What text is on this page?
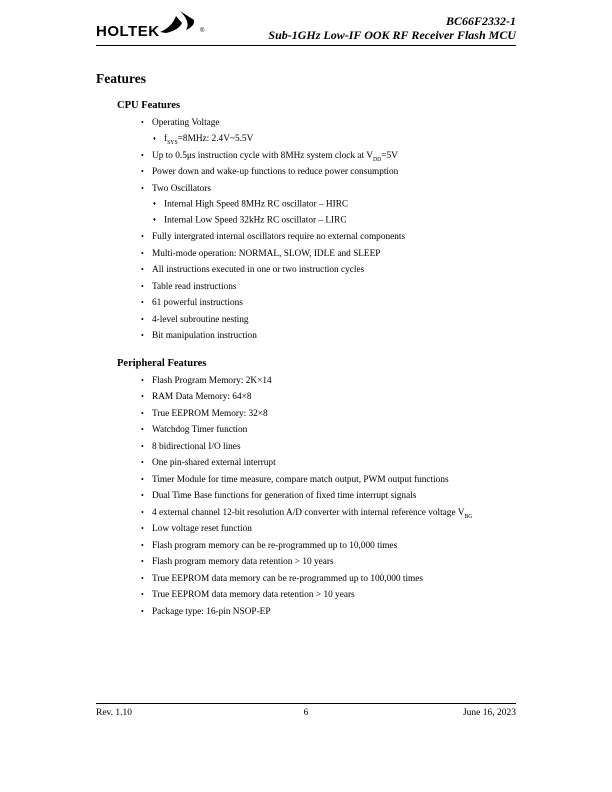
HOLTEK	®
BC66F2332-1
Sub-1GHz Low-IF OOK RF Receiver Flash MCU
Features
CPU Features
•Operating Voltage
$♦f_{SYS}=8MHz$: 2.4V~5.5V
•Up to 0.5μs instruction cycle with 8MHz system clock at $V_{DD}=5V$
•Power down and wake-up functions to reduce power consumption
•Two Oscillators
♦Internal High Speed 8MHz RC oscillator – HIRC
♦Internal Low Speed 32kHz RC oscillator – LIRC
•Fully intergrated internal oscillators require no external components
•Multi-mode operation: NORMAL, SLOW, IDLE and SLEEP
•All instructions executed in one or two instruction cycles
•Table read instructions
•61 powerful instructions
•4-level subroutine nesting
•Bit manipulation instruction
Peripheral Features
•Flash Program Memory: 2K×14
•RAM Data Memory: 64×8
•True EEPROM Memory: 32×8
•Watchdog Timer function
•8 bidirectional I/O lines
•One pin-shared external interrupt
•Timer Module for time measure, compare match output, PWM output functions
•Dual Time Base functions for generation of fixed time interrupt signals
•4 external channel 12-bit resolution A/D converter with internal reference voltage $V_{BG}$
•Low voltage reset function
•Flash program memory can be re-programmed up to 10,000 times
•Flash program memory data retention > 10 years
•True EEPROM data memory can be re-programmed up to 100,000 times
•True EEPROM data memory data retention > 10 years
•Package type: 16-pin NSOP-EP
Rev. 1.10	6	June 16, 2023
